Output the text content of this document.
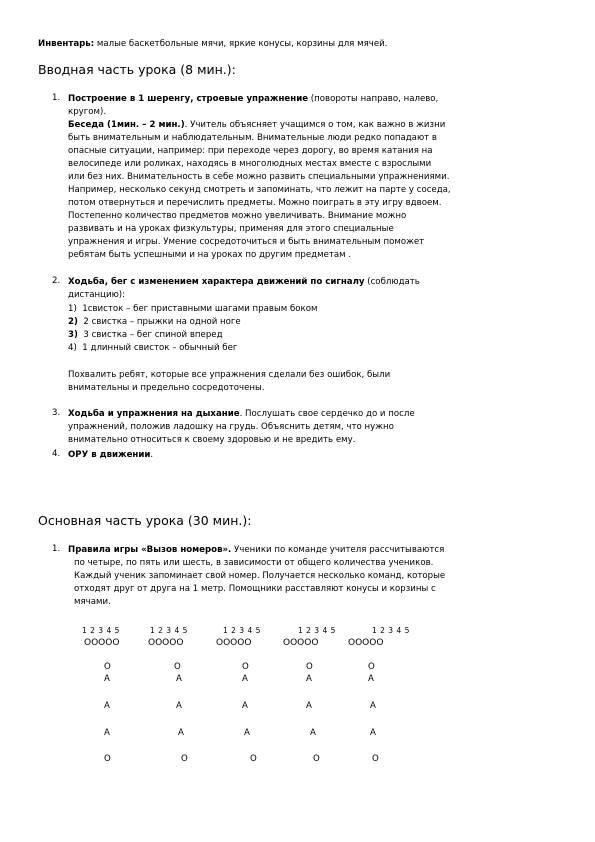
Инвентарь: малые баскетбольные мячи, яркие конусы, корзины для мячей.
Вводная часть урока (8 мин.):
1. Построение в 1 шеренгу, строевые упражнение (повороты направо, налево,
кругом).
Беседа (1мин. – 2 мин.). Учитель объясняет учащимся о том, как важно в жизни
быть внимательным и наблюдательным. Внимательные люди редко попадают в
опасные ситуации, например: при переходе через дорогу, во время катания на
велосипеде или роликах, находясь в многолюдных местах вместе с взрослыми
или без них. Внимательность в себе можно развить специальными упражнениями.
Например, несколько секунд смотреть и запоминать, что лежит на парте у соседа,
потом отвернуться и перечислить предметы. Можно поиграть в эту игру вдвоем.
Постепенно количество предметов можно увеличивать. Внимание можно
развивать и на уроках физкультуры, применяя для этого специальные
упражнения и игры. Умение сосредоточиться и быть внимательным поможет
ребятам быть успешными и на уроках по другим предметам .
2. Ходьба, бег с изменением характера движений по сигналу (соблюдать
дистанцию):
1) 1свисток – бег приставными шагами правым боком
2) 2 свистка – прыжки на одной ноге
3) 3 свистка – бег спиной вперед
4) 1 длинный свисток – обычный бег
Похвалить ребят, которые все упражнения сделали без ошибок, были
внимательны и предельно сосредоточены.
3. Ходьба и упражнения на дыхание. Послушать свое сердечко до и после
упражнений, положив ладошку на грудь. Объяснить детям, что нужно
внимательно относиться к своему здоровью и не вредить ему.
4. ОРУ в движении.
Основная часть урока (30 мин.):
1. Правила игры «Вызов номеров». Ученики по команде учителя рассчитываются
по четыре, по пять или шесть, в зависимости от общего количества учеников.
Каждый ученик запоминает свой номер. Получается несколько команд, которые
отходят друг от друга на 1 метр. Помощники расставляют конусы и корзины с
мячами.
1 2 3 4 5	1 2 3 4 5	1 2 3 4 5	1 2 3 4 5	1 2 3 4 5
OOOOO	OOOOO	OOOOO	OOOOO	OOOOO
O	O	O	O	O
A	A	A	A	A
A	A	A	A	A
A	A	A	A	A
O	O	O	O	O
